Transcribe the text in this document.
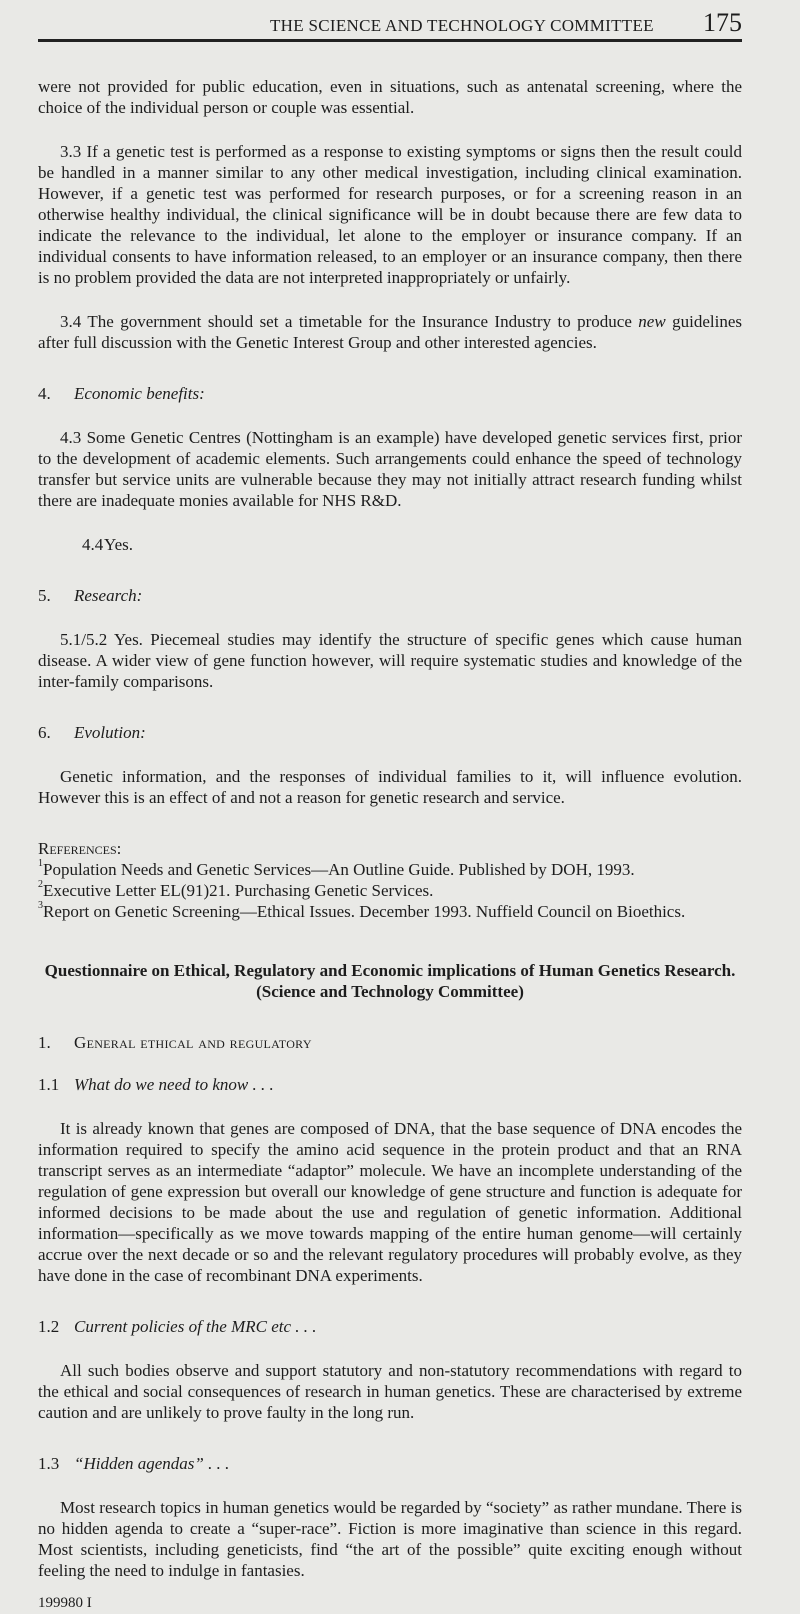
THE SCIENCE AND TECHNOLOGY COMMITTEE 175

were not provided for public education, even in situations, such as antenatal screening, where the choice of the individual person or couple was essential.

3.3 If a genetic test is performed as a response to existing symptoms or signs then the result could be handled in a manner similar to any other medical investigation, including clinical examination. However, if a genetic test was performed for research purposes, or for a screening reason in an otherwise healthy individual, the clinical significance will be in doubt because there are few data to indicate the relevance to the individual, let alone to the employer or insurance company. If an individual consents to have information released, to an employer or an insurance company, then there is no problem provided the data are not interpreted inappropriately or unfairly.

3.4 The government should set a timetable for the Insurance Industry to produce new guidelines after full discussion with the Genetic Interest Group and other interested agencies.

4. Economic benefits:

4.3 Some Genetic Centres (Nottingham is an example) have developed genetic services first, prior to the development of academic elements. Such arrangements could enhance the speed of technology transfer but service units are vulnerable because they may not initially attract research funding whilst there are inadequate monies available for NHS R&D.

4.4Yes.

5. Research:

5.1/5.2 Yes. Piecemeal studies may identify the structure of specific genes which cause human disease. A wider view of gene function however, will require systematic studies and knowledge of the inter-family comparisons.

6. Evolution:

Genetic information, and the responses of individual families to it, will influence evolution. However this is an effect of and not a reason for genetic research and service.

References:

$^1$Population Needs and Genetic Services—An Outline Guide. Published by DOH, 1993.

$^2$Executive Letter EL(91)21. Purchasing Genetic Services.

$^3$Report on Genetic Screening—Ethical Issues. December 1993. Nuffield Council on Bioethics.

Questionnaire on Ethical, Regulatory and Economic implications of Human Genetics Research. (Science and Technology Committee)

1. General ethical and regulatory

1.1 What do we need to know . . .

It is already known that genes are composed of DNA, that the base sequence of DNA encodes the information required to specify the amino acid sequence in the protein product and that an RNA transcript serves as an intermediate “adaptor” molecule. We have an incomplete understanding of the regulation of gene expression but overall our knowledge of gene structure and function is adequate for informed decisions to be made about the use and regulation of genetic information. Additional information—specifically as we move towards mapping of the entire human genome—will certainly accrue over the next decade or so and the relevant regulatory procedures will probably evolve, as they have done in the case of recombinant DNA experiments.

1.2 Current policies of the MRC etc . . .

All such bodies observe and support statutory and non-statutory recommendations with regard to the ethical and social consequences of research in human genetics. These are characterised by extreme caution and are unlikely to prove faulty in the long run.

1.3 “Hidden agendas” . . .

Most research topics in human genetics would be regarded by “society” as rather mundane. There is no hidden agenda to create a “super-race”. Fiction is more imaginative than science in this regard. Most scientists, including geneticists, find “the art of the possible” quite exciting enough without feeling the need to indulge in fantasies.

199980 I
